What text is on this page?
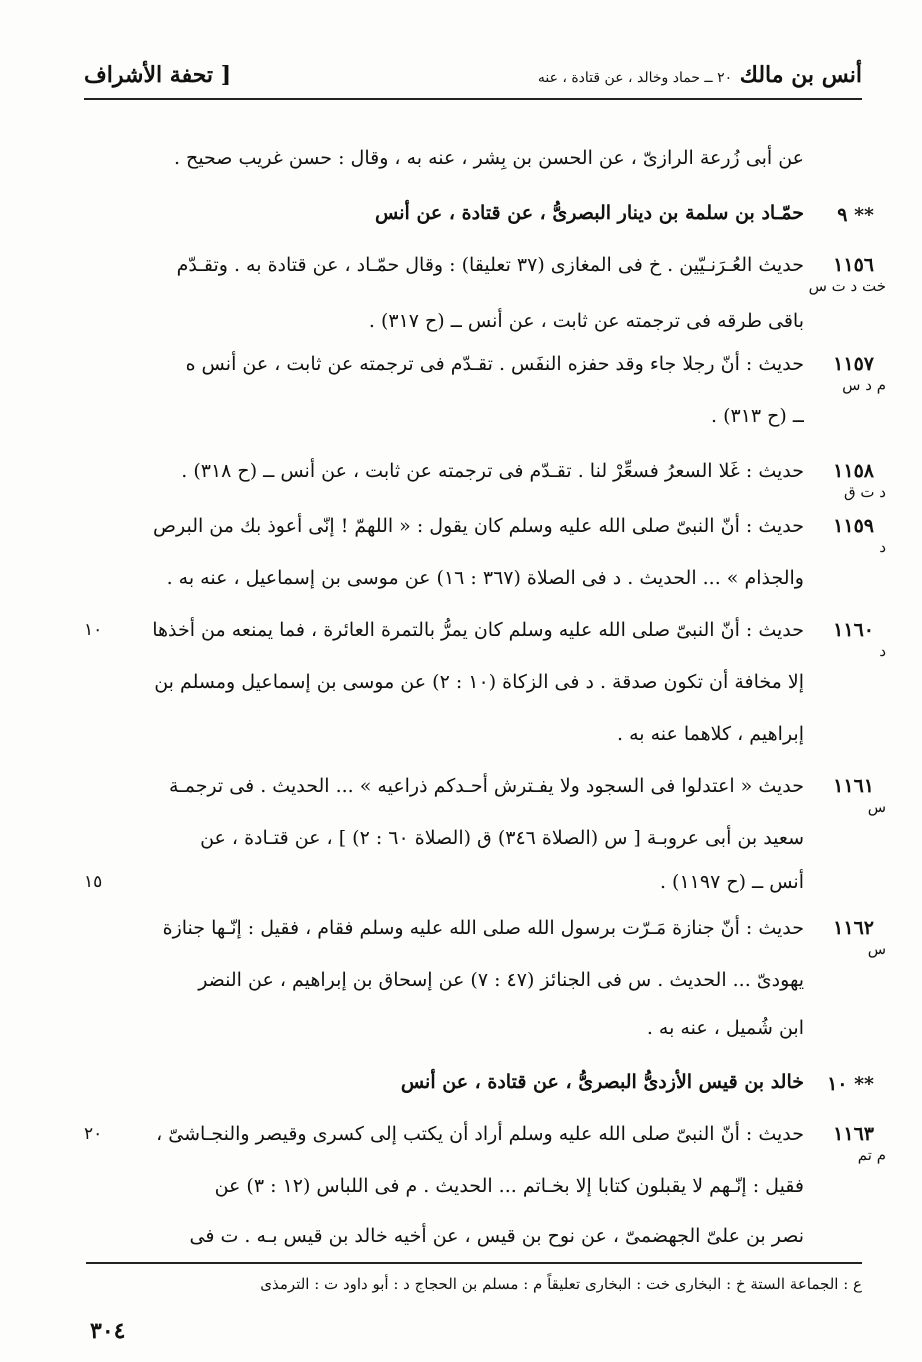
أنس بن مالك ٢٠ ــ حماد وخالد ، عن قتادة ، عنه
[ تحفة الأشراف
عن أبى زُرعة الرازىّ ، عن الحسن بن بِشر ، عنه به ، وقال : حسن غريب صحيح .
حمّـاد بن سلمة بن دينار البصرىُّ ، عن قتادة ، عن أنس
حديث العُـرَنـيّين . خ فى المغازى (٣٧ تعليقا) : وقال حمّـاد ، عن قتادة به . وتقـدّم
باقى طرقه فى ترجمته عن ثابت ، عن أنس ــ (ح ٣١٧) .
حديث : أنّ رجلا جاء وقد حفزه النفَس . تقـدّم فى ترجمته عن ثابت ، عن أنس ه
ــ (ح ٣١٣) .
حديث : غَلا السعرُ فسعِّرْ لنا . تقـدّم فى ترجمته عن ثابت ، عن أنس ــ (ح ٣١٨) .
حديث : أنّ النبىّ صلى الله عليه وسلم كان يقول : « اللهمّ ! إنّى أعوذ بك من البرص
والجذام » ... الحديث . د فى الصلاة (٣٦٧ : ١٦) عن موسى بن إسماعيل ، عنه به .
حديث : أنّ النبىّ صلى الله عليه وسلم كان يمرُّ بالتمرة العائرة ، فما يمنعه من أخذها
إلا مخافة أن تكون صدقة . د فى الزكاة (١٠ : ٢) عن موسى بن إسماعيل ومسلم بن
إبراهيم ، كلاهما عنه به .
حديث « اعتدلوا فى السجود ولا يفـترش أحـدكم ذراعيه » ... الحديث . فى ترجمـة
سعيد بن أبى عروبـة [ س (الصلاة ٣٤٦) ق (الصلاة ٦٠ : ٢) ] ، عن قتـادة ، عن
أنس ــ (ح ١١٩٧) .
حديث : أنّ جنازة مَـرّت برسول الله صلى الله عليه وسلم فقام ، فقيل : إنّـها جنازة
يهودىّ ... الحديث . س فى الجنائز (٤٧ : ٧) عن إسحاق بن إبراهيم ، عن النضر
ابن شُميل ، عنه به .
خالد بن قيس الأزدىُّ البصرىُّ ، عن قتادة ، عن أنس
حديث : أنّ النبىّ صلى الله عليه وسلم أراد أن يكتب إلى كسرى وقيصر والنجـاشىّ ،
فقيل : إنّـهم لا يقبلون كتابا إلا بخـاتم ... الحديث . م فى اللباس (١٢ : ٣) عن
نصر بن علىّ الجهضمىّ ، عن نوح بن قيس ، عن أخيه خالد بن قيس بـه . ت فى
** ٩
١١٥٦
خت د ت س
١١٥٧
م د س
١١٥٨
د ت ق
١١٥٩
د
١١٦٠
د
١١٦١
س
١١٦٢
س
** ١٠
١١٦٣
م تم
١٠
١٥
٢٠
ع : الجماعة الستة خ : البخارى خت : البخارى تعليقاً م : مسلم بن الحجاج د : أبو داود ت : الترمذى
٣٠٤
